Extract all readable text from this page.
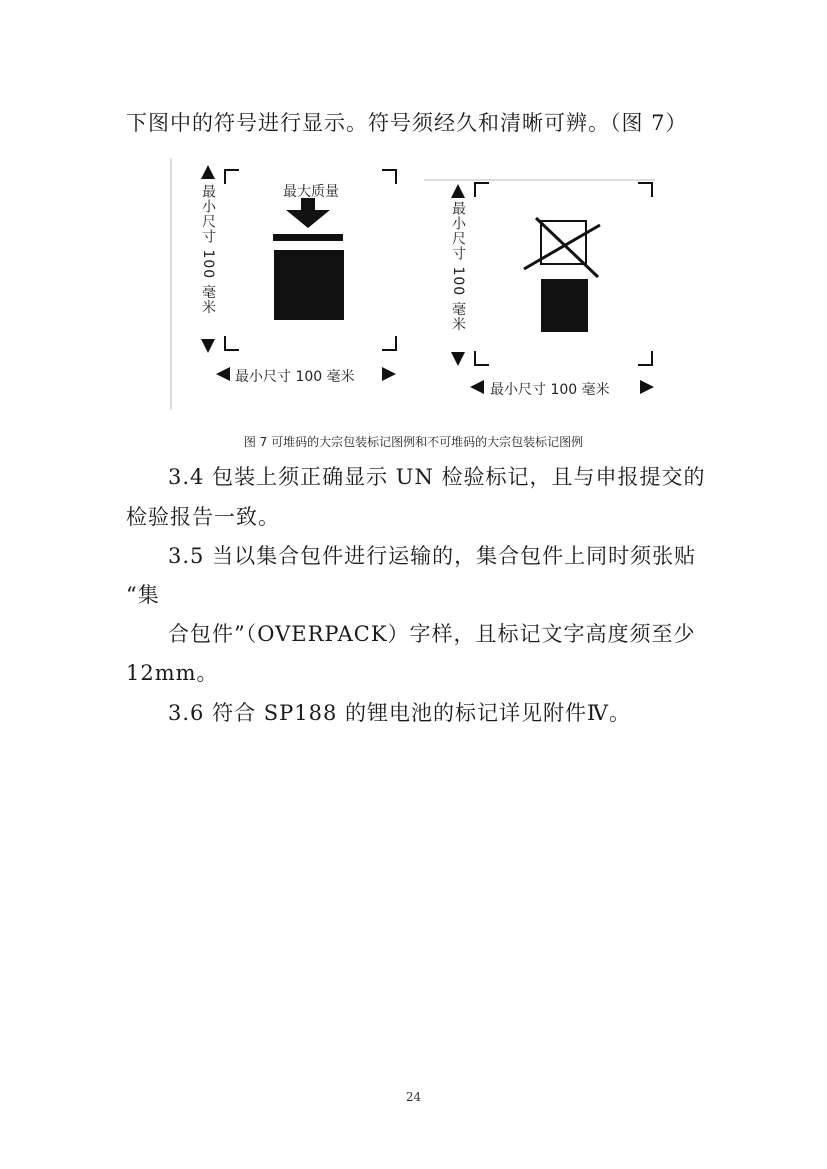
下图中的符号进行显示。符号须经久和清晰可辨。（图 7）
最大质量
最小尺寸 100 毫米
最小尺寸 100 毫米
最小尺寸 100 毫米
最小尺寸 100 毫米
图 7 可堆码的大宗包装标记图例和不可堆码的大宗包装标记图例
3.4 包装上须正确显示 UN 检验标记，且与申报提交的
检验报告一致。
3.5 当以集合包件进行运输的，集合包件上同时须张贴
“集
合包件”（OVERPACK）字样，且标记文字高度须至少
12mm。
3.6 符合 SP188 的锂电池的标记详见附件Ⅳ。
24
